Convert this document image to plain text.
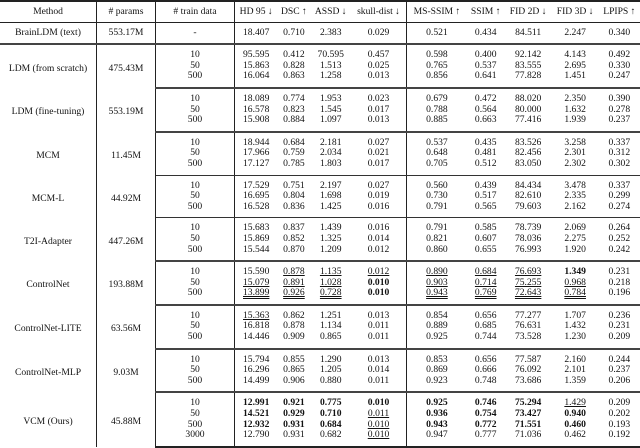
Method	# params	# train data	HD 95 ↓	DSC ↑	ASSD ↓	skull-dist ↓	MS-SSIM ↑	SSIM ↑	FID 2D ↓	FID 3D ↓	LPIPS ↑
BrainLDM (text)	553.17M	-	18.407	0.710	2.383	0.029	0.521	0.434	84.511	2.247	0.340
LDM (from scratch)	475.43M	10	95.595	0.412	70.595	0.457	0.598	0.400	92.142	4.143	0.492
		50	15.863	0.828	1.513	0.025	0.765	0.537	83.555	2.695	0.330
		500	16.064	0.863	1.258	0.013	0.856	0.641	77.828	1.451	0.247
LDM (fine-tuning)	553.19M	10	18.089	0.774	1.953	0.023	0.679	0.472	88.020	2.350	0.390
		50	16.578	0.823	1.545	0.017	0.788	0.564	80.000	1.632	0.278
		500	15.908	0.884	1.097	0.013	0.885	0.663	77.416	1.939	0.237
MCM	11.45M	10	18.944	0.684	2.181	0.027	0.537	0.435	83.526	3.258	0.337
		50	17.966	0.759	2.034	0.021	0.648	0.481	82.456	2.301	0.312
		500	17.127	0.785	1.803	0.017	0.705	0.512	83.050	2.302	0.302
MCM-L	44.92M	10	17.529	0.751	2.197	0.027	0.560	0.439	84.434	3.478	0.337
		50	16.695	0.804	1.698	0.019	0.730	0.517	82.610	2.335	0.299
		500	16.528	0.836	1.425	0.016	0.791	0.565	79.603	2.162	0.274
T2I-Adapter	447.26M	10	15.683	0.837	1.439	0.016	0.791	0.585	78.739	2.069	0.264
		50	15.869	0.852	1.325	0.014	0.821	0.607	78.036	2.275	0.252
		500	15.544	0.870	1.209	0.012	0.860	0.655	76.993	1.920	0.242
ControlNet	193.88M	10	15.590	0.878	1.135	0.012	0.890	0.684	76.693	1.349	0.231
		50	15.079	0.891	1.028	0.010	0.903	0.714	75.255	0.968	0.218
		500	13.899	0.926	0.728	0.010	0.943	0.769	72.643	0.784	0.196
ControlNet-LITE	63.56M	10	15.363	0.862	1.251	0.013	0.854	0.656	77.277	1.707	0.236
		50	16.818	0.878	1.134	0.011	0.889	0.685	76.631	1.432	0.231
		500	14.446	0.909	0.865	0.011	0.925	0.744	73.528	1.230	0.209
ControlNet-MLP	9.03M	10	15.794	0.855	1.290	0.013	0.853	0.656	77.587	2.160	0.244
		50	16.296	0.865	1.205	0.014	0.869	0.666	76.092	2.101	0.237
		500	14.499	0.906	0.880	0.011	0.923	0.748	73.686	1.359	0.206
VCM (Ours)	45.88M	10	12.991	0.921	0.775	0.010	0.925	0.746	75.294	1.429	0.209
		50	14.521	0.929	0.710	0.011	0.936	0.754	73.427	0.940	0.202
		500	12.932	0.931	0.684	0.010	0.943	0.772	71.551	0.460	0.193
		3000	12.790	0.931	0.682	0.010	0.947	0.777	71.036	0.462	0.192
